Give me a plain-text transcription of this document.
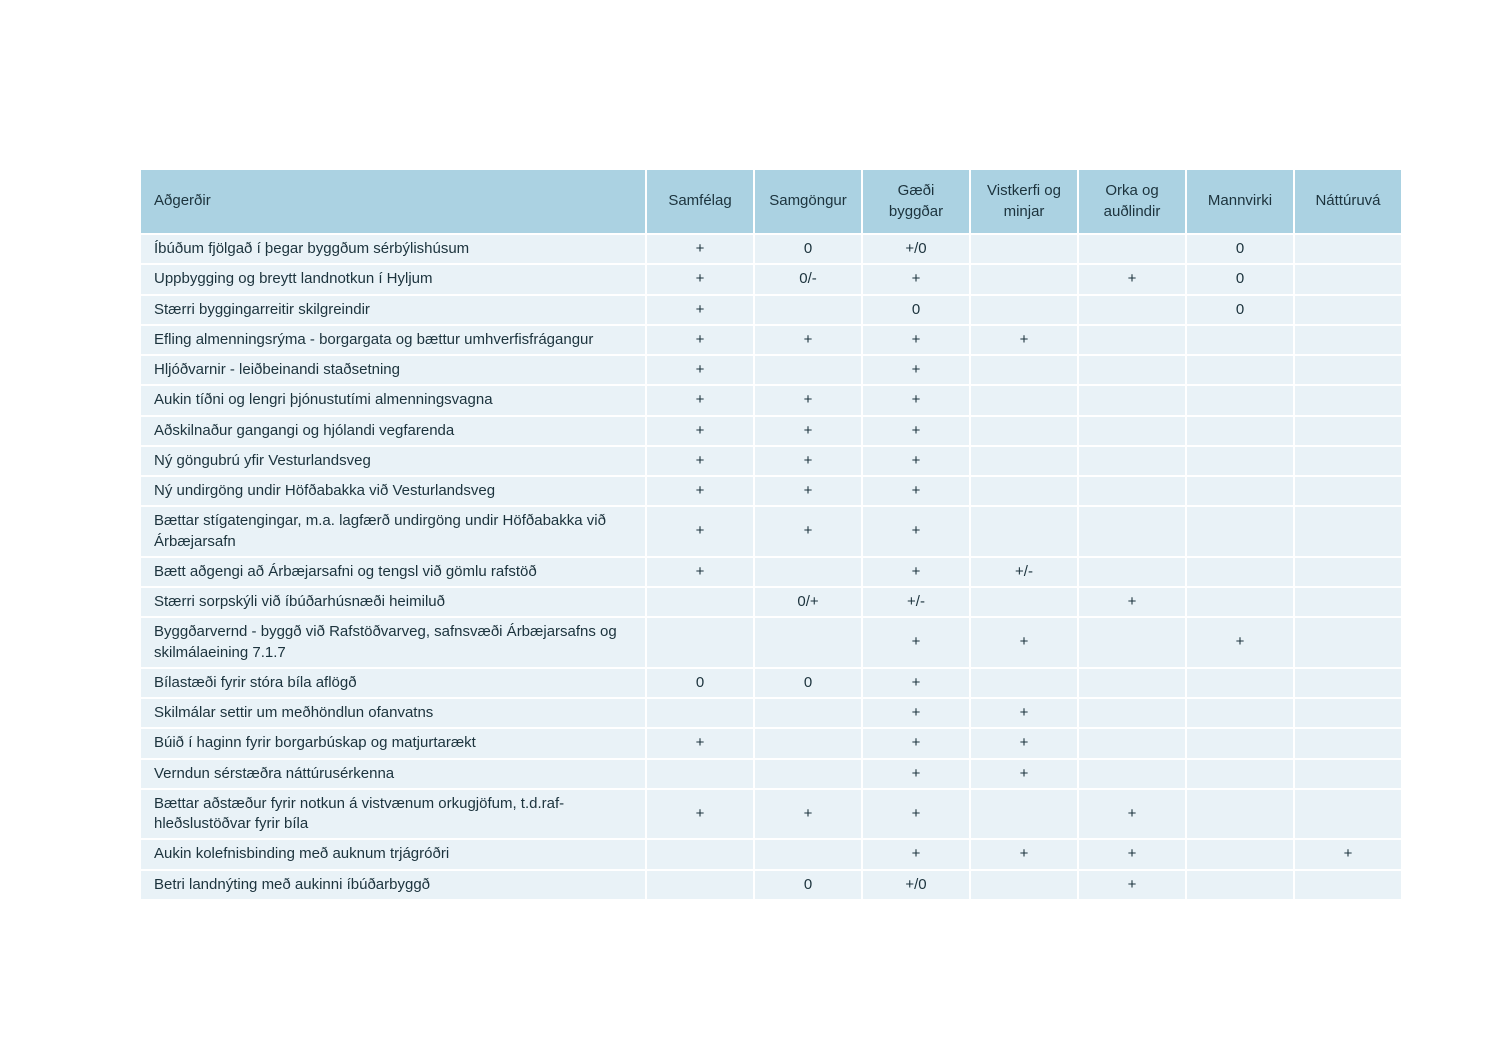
Aðgerðir	Samfélag	Samgöngur	Gæði byggðar	Vistkerfi og minjar	Orka og auðlindir	Mannvirki	Náttúruvá
Íbúðum fjölgað í þegar byggðum sérbýlishúsum	+	0	+/0			0	
Uppbygging og breytt landnotkun í Hyljum	+	0/-	+		+	0	
Stærri byggingarreitir skilgreindir	+		0			0	
Efling almenningsrýma - borgargata og bættur umhverfisfrágangur	+	+	+	+			
Hljóðvarnir - leiðbeinandi staðsetning	+		+				
Aukin tíðni og lengri þjónustutími almenningsvagna	+	+	+				
Aðskilnaður gangangi og hjólandi vegfarenda	+	+	+				
Ný göngubrú yfir Vesturlandsveg	+	+	+				
Ný undirgöng undir Höfðabakka við Vesturlandsveg	+	+	+				
Bættar stígatengingar, m.a. lagfærð undirgöng undir Höfðabakka við Árbæjarsafn	+	+	+				
Bætt aðgengi að Árbæjarsafni og tengsl við gömlu rafstöð	+		+	+/-			
Stærri sorpskýli við íbúðarhúsnæði heimiluð		0/+	+/-		+		
Byggðarvernd - byggð við Rafstöðvarveg, safnsvæði Árbæjarsafns og skilmálaeining 7.1.7			+	+		+	
Bílastæði fyrir stóra bíla aflögð	0	0	+				
Skilmálar settir um meðhöndlun ofanvatns			+	+			
Búið í haginn fyrir borgarbúskap og matjurtarækt	+		+	+			
Verndun sérstæðra náttúrusérkenna			+	+			
Bættar aðstæður fyrir notkun á vistvænum orkugjöfum, t.d.raf-hleðslustöðvar fyrir bíla	+	+	+		+		
Aukin kolefnisbinding með auknum trjágróðri			+	+	+		+
Betri landnýting með aukinni íbúðarbyggð		0	+/0		+		
